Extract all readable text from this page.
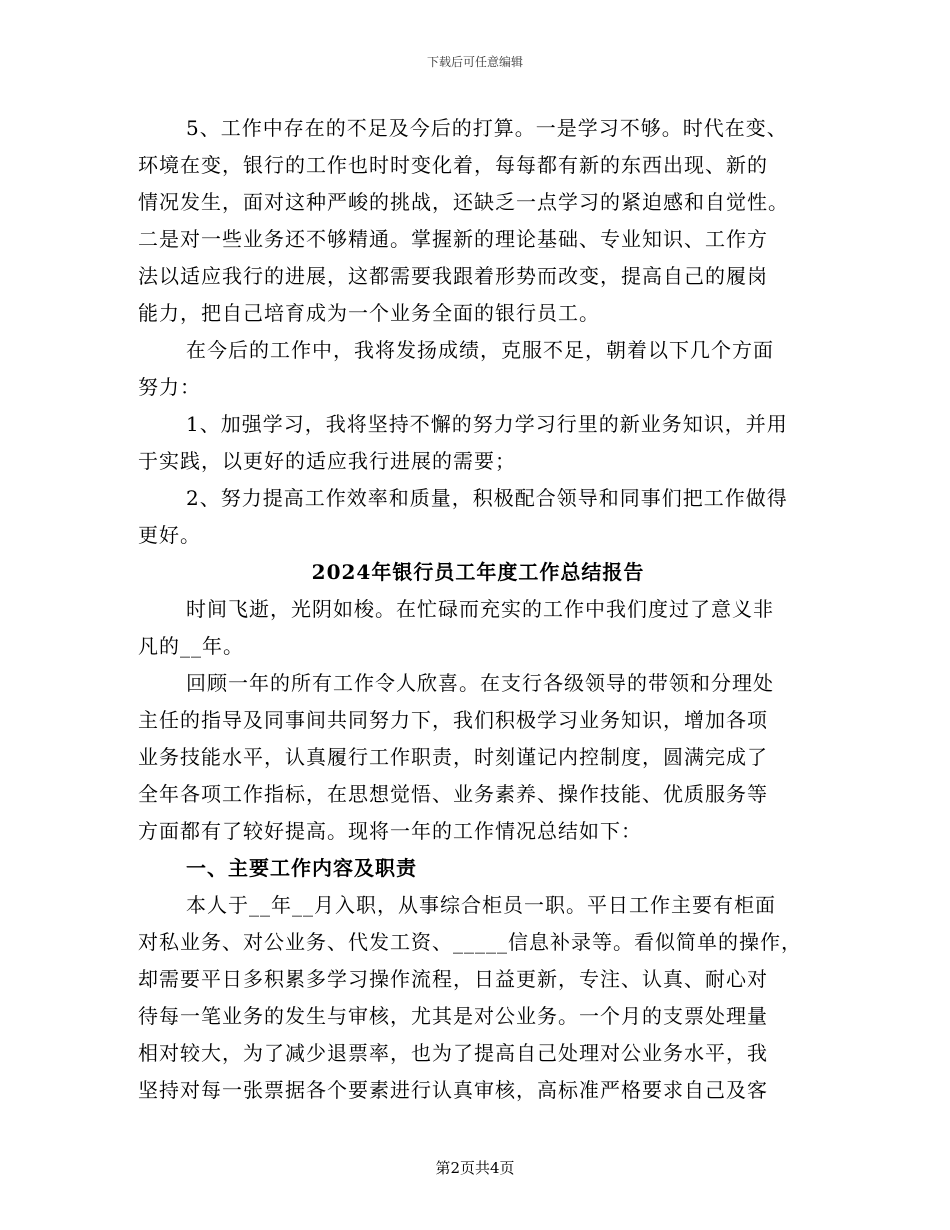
下载后可任意编辑
5、工作中存在的不足及今后的打算。一是学习不够。时代在变、
环境在变，银行的工作也时时变化着，每每都有新的东西出现、新的
情况发生，面对这种严峻的挑战，还缺乏一点学习的紧迫感和自觉性。
二是对一些业务还不够精通。掌握新的理论基础、专业知识、工作方
法以适应我行的进展，这都需要我跟着形势而改变，提高自己的履岗
能力，把自己培育成为一个业务全面的银行员工。
在今后的工作中，我将发扬成绩，克服不足，朝着以下几个方面
努力：
1、加强学习，我将坚持不懈的努力学习行里的新业务知识，并用
于实践，以更好的适应我行进展的需要；
2、努力提高工作效率和质量，积极配合领导和同事们把工作做得
更好。
2024年银行员工年度工作总结报告
时间飞逝，光阴如梭。在忙碌而充实的工作中我们度过了意义非
凡的__年。
回顾一年的所有工作令人欣喜。在支行各级领导的带领和分理处
主任的指导及同事间共同努力下，我们积极学习业务知识，增加各项
业务技能水平，认真履行工作职责，时刻谨记内控制度，圆满完成了
全年各项工作指标，在思想觉悟、业务素养、操作技能、优质服务等
方面都有了较好提高。现将一年的工作情况总结如下：
一、主要工作内容及职责
本人于__年__月入职，从事综合柜员一职。平日工作主要有柜面
对私业务、对公业务、代发工资、_____信息补录等。看似简单的操作，
却需要平日多积累多学习操作流程，日益更新，专注、认真、耐心对
待每一笔业务的发生与审核，尤其是对公业务。一个月的支票处理量
相对较大，为了减少退票率，也为了提高自己处理对公业务水平，我
坚持对每一张票据各个要素进行认真审核，高标准严格要求自己及客
第2页共4页
